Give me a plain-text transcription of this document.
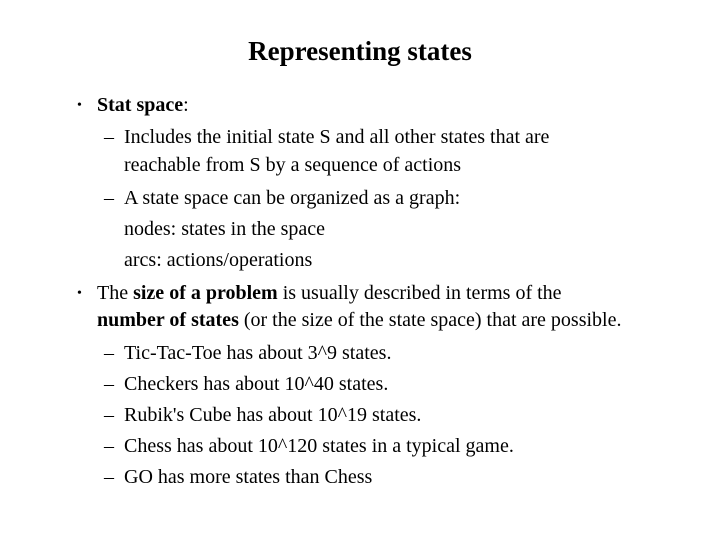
Representing states
• Stat space:
– Includes the initial state S and all other states that are
reachable from S by a sequence of actions
– A state space can be organized as a graph:
nodes: states in the space
arcs: actions/operations
• The size of a problem is usually described in terms of the
number of states (or the size of the state space) that are possible.
– Tic-Tac-Toe has about 3^9 states.
– Checkers has about 10^40 states.
– Rubik's Cube has about 10^19 states.
– Chess has about 10^120 states in a typical game.
– GO has more states than Chess
